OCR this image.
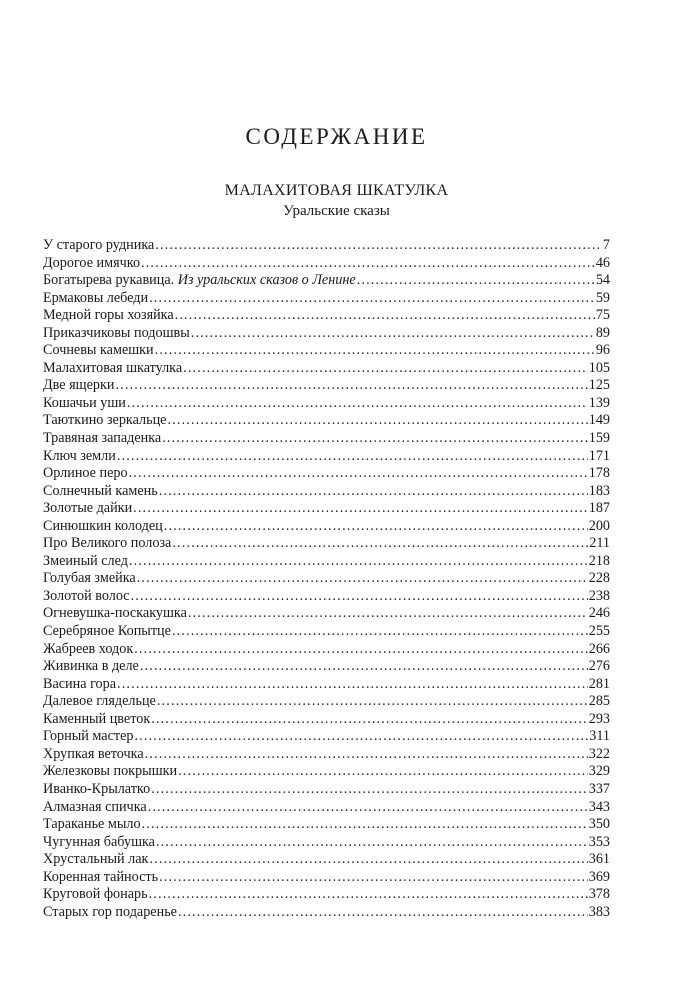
СОДЕРЖАНИЕ
МАЛАХИТОВАЯ ШКАТУЛКА
Уральские сказы
У старого рудника . . .	7
Дорогое имячко . . .	46
Богатырева рукавица. Из уральских сказов о Ленине . . .	54
Ермаковы лебеди . . .	59
Медной горы хозяйка . . .	75
Приказчиковы подошвы . . .	89
Сочневы камешки . . .	96
Малахитовая шкатулка . . .	105
Две ящерки . . .	125
Кошачьи уши . . .	139
Таюткино зеркальце . . .	149
Травяная западенка . . .	159
Ключ земли . . .	171
Орлиное перо . . .	178
Солнечный камень . . .	183
Золотые дайки . . .	187
Синюшкин колодец . . .	200
Про Великого полоза . . .	211
Змеиный след . . .	218
Голубая змейка . . .	228
Золотой волос . . .	238
Огневушка-поскакушка . . .	246
Серебряное Копытце . . .	255
Жабреев ходок . . .	266
Живинка в деле . . .	276
Васина гора . . .	281
Далевое глядельце . . .	285
Каменный цветок . . .	293
Горный мастер . . .	311
Хрупкая веточка . . .	322
Железковы покрышки . . .	329
Иванко-Крылатко . . .	337
Алмазная спичка . . .	343
Тараканье мыло . . .	350
Чугунная бабушка . . .	353
Хрустальный лак . . .	361
Коренная тайность . . .	369
Круговой фонарь . . .	378
Старых гор подаренье . . .	383
